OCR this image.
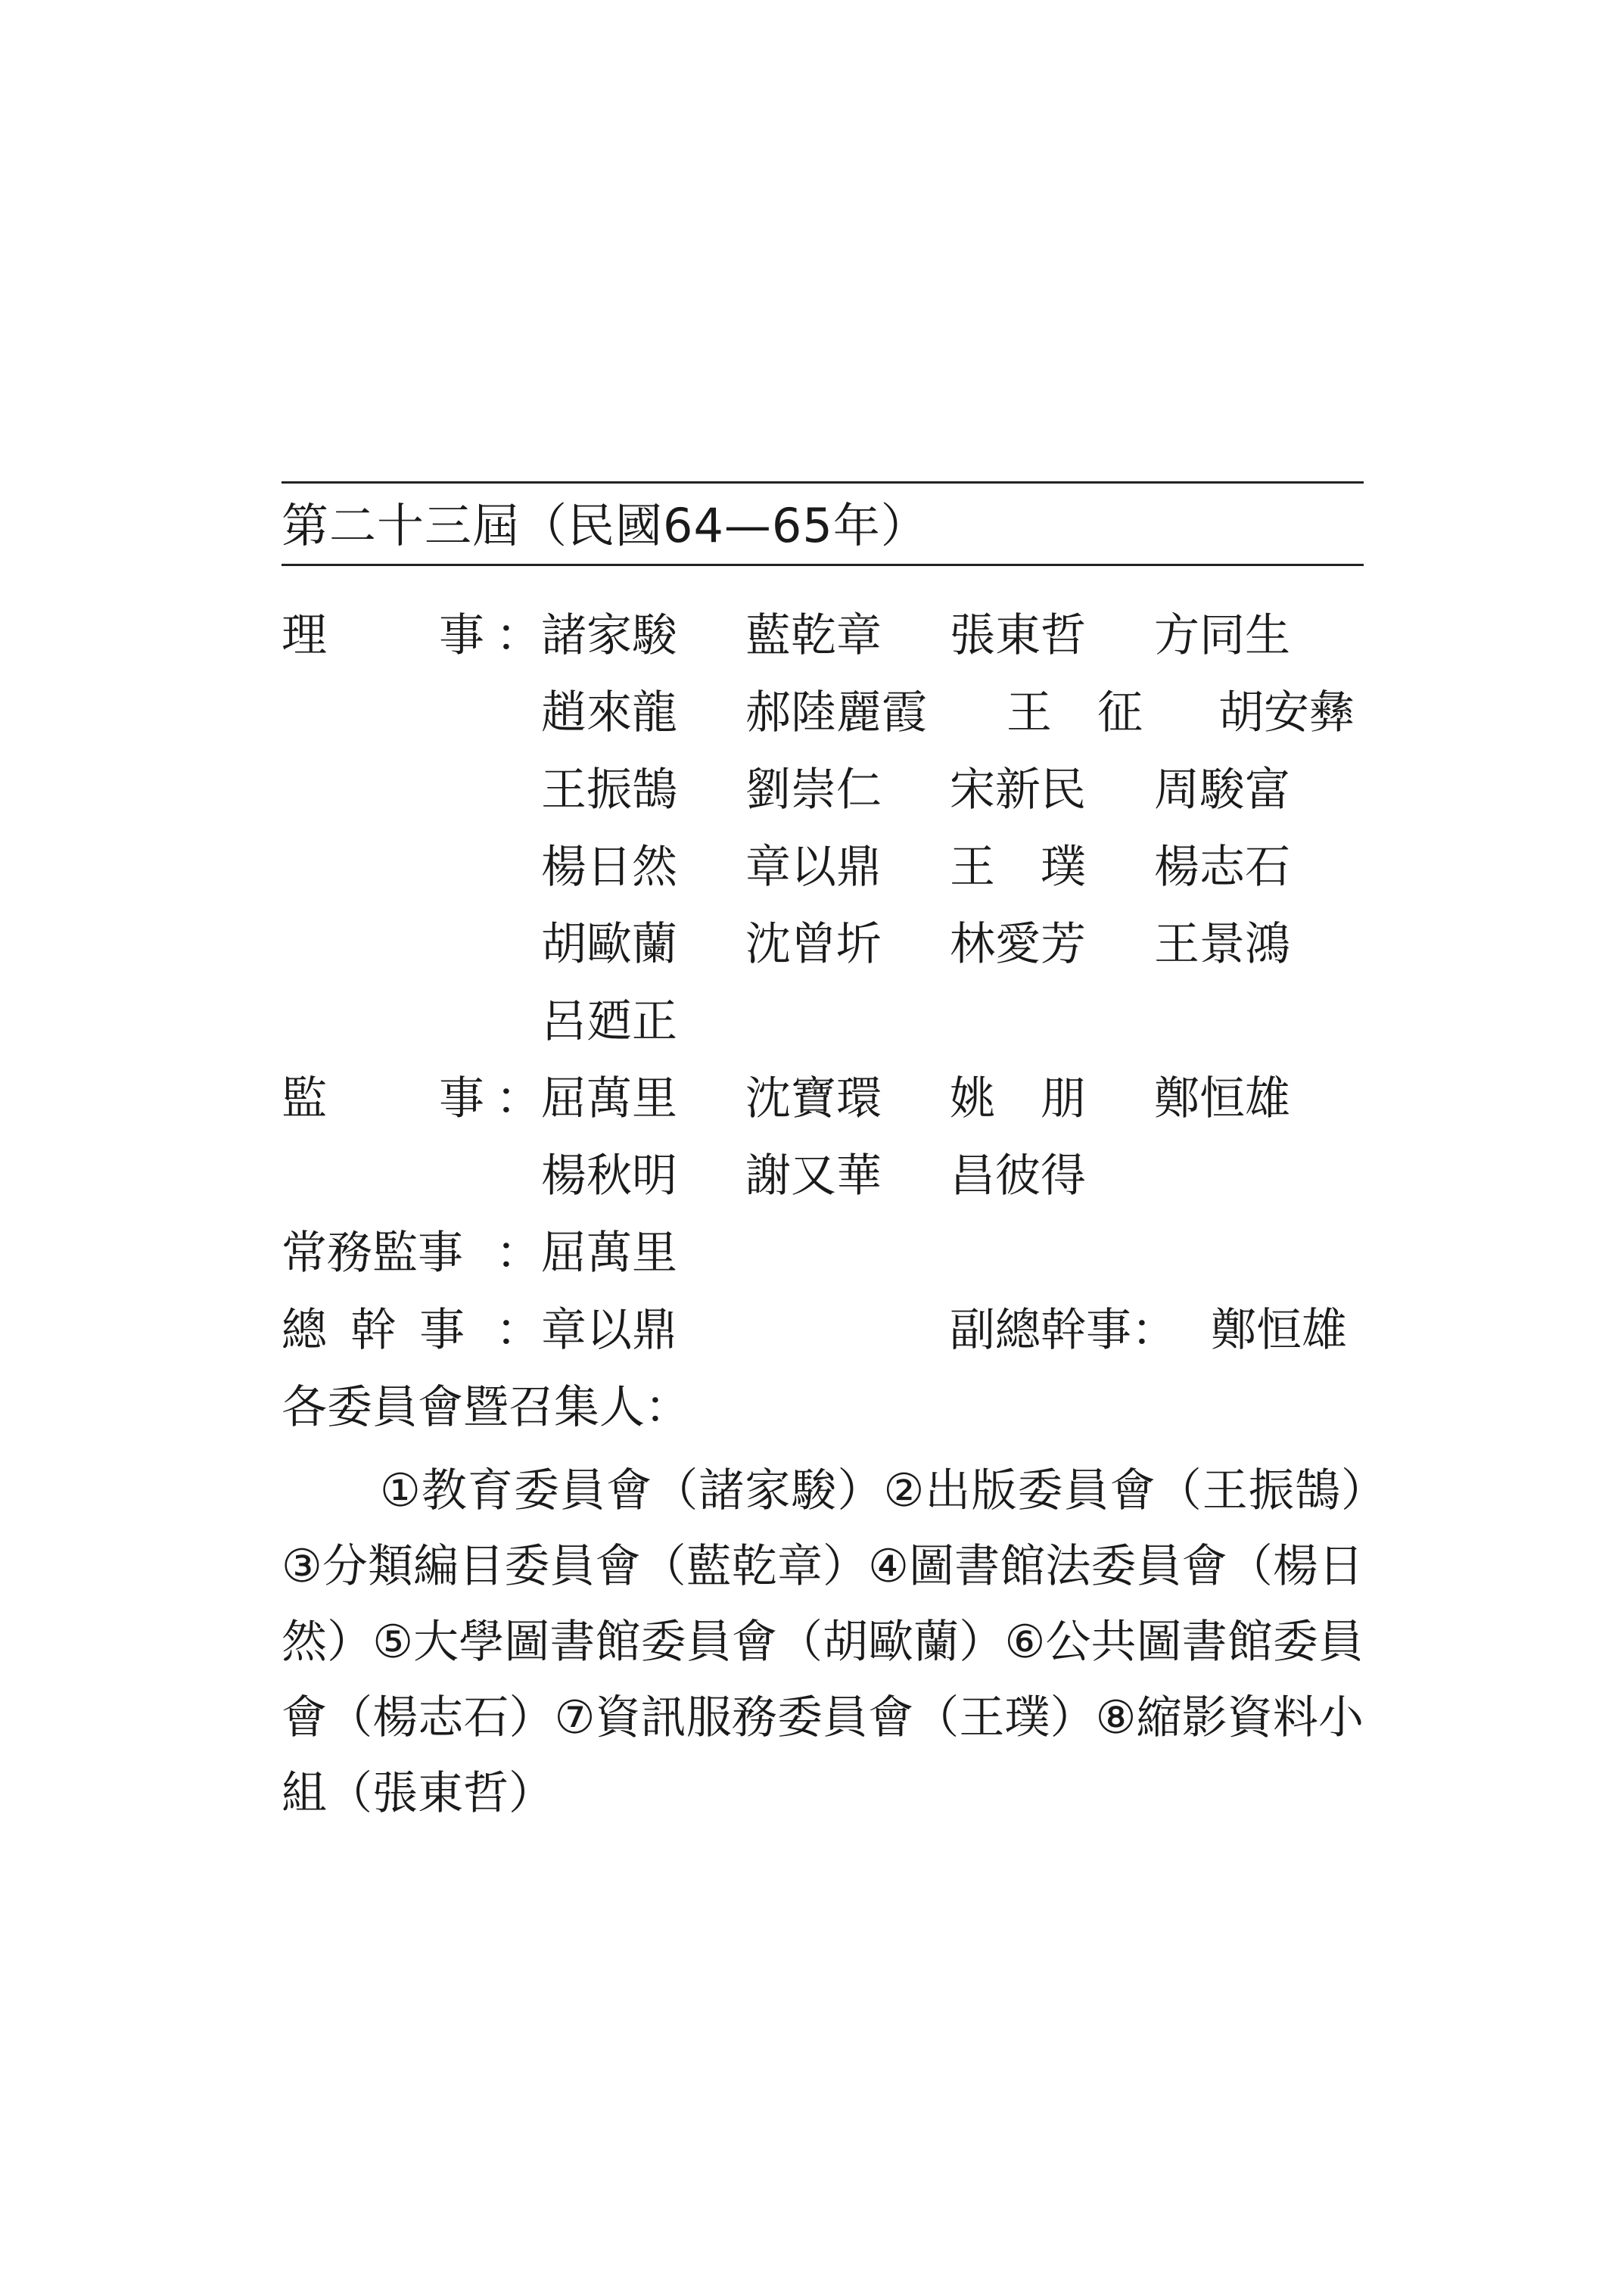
第二十三屆（民國64—65年）
理 事 ： 諸家駿 藍乾章 張東哲 方同生
趙來龍 郝陸麗霞 王　征 胡安彝
王振鵠 劉崇仁 宋新民 周駿富
楊日然 章以鼎 王　璞 楊志石
胡歐蘭 沈曾圻 林愛芳 王景鴻
呂廼正
監 事 ： 屈萬里 沈寶環 姚　朋 鄭恒雄
楊秋明 謝又華 昌彼得
常務監事 ： 屈萬里
總 幹 事 ： 章以鼎	副總幹事： 鄭恒雄
各委員會暨召集人：
①教育委員會（諸家駿）②出版委員會（王振鵠）③分類編目委員會（藍乾章）④圖書館法委員會（楊日然）⑤大學圖書館委員會（胡歐蘭）⑥公共圖書館委員會（楊志石）⑦資訊服務委員會（王璞）⑧縮影資料小組（張東哲）
